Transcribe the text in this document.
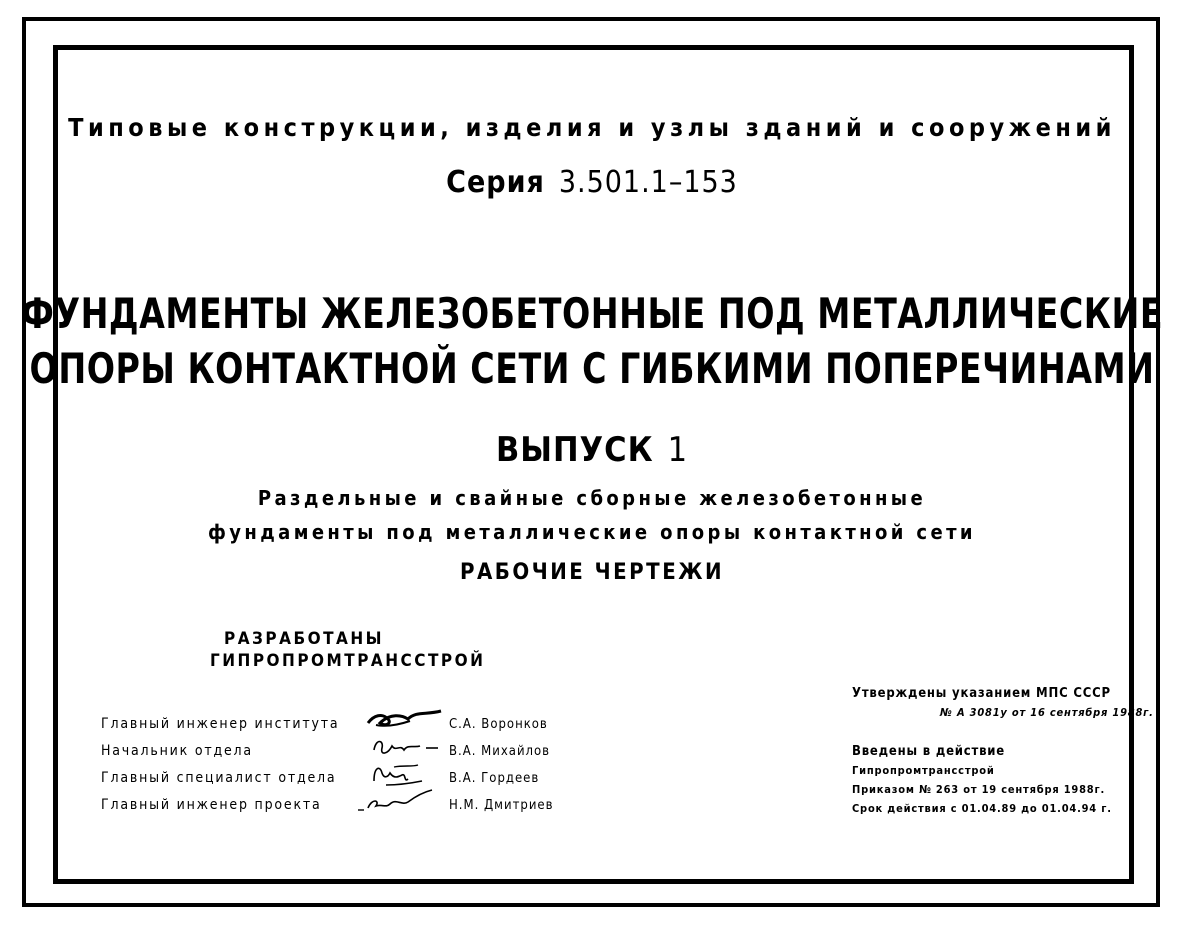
Типовые конструкции, изделия и узлы зданий и сооружений
Серия 3.501.1–153
ФУНДАМЕНТЫ ЖЕЛЕЗОБЕТОННЫЕ ПОД МЕТАЛЛИЧЕСКИЕ
ОПОРЫ КОНТАКТНОЙ СЕТИ С ГИБКИМИ ПОПЕРЕЧИНАМИ
ВЫПУСК 1
Раздельные и свайные сборные железобетонные
фундаменты под металлические опоры контактной сети
РАБОЧИЕ ЧЕРТЕЖИ
РАЗРАБОТАНЫ
ГИПРОПРОМТРАНССТРОЙ
Главный инженер института	С.А. Воронков
Начальник отдела	В.А. Михайлов
Главный специалист отдела	В.А. Гордеев
Главный инженер проекта	Н.М. Дмитриев
Утверждены указанием МПС СССР
№ А 3081у от 16 сентября 1988г.
Введены в действие
Гипропромтрансстрой
Приказом № 263 от 19 сентября 1988г.
Срок действия с 01.04.89 до 01.04.94 г.
